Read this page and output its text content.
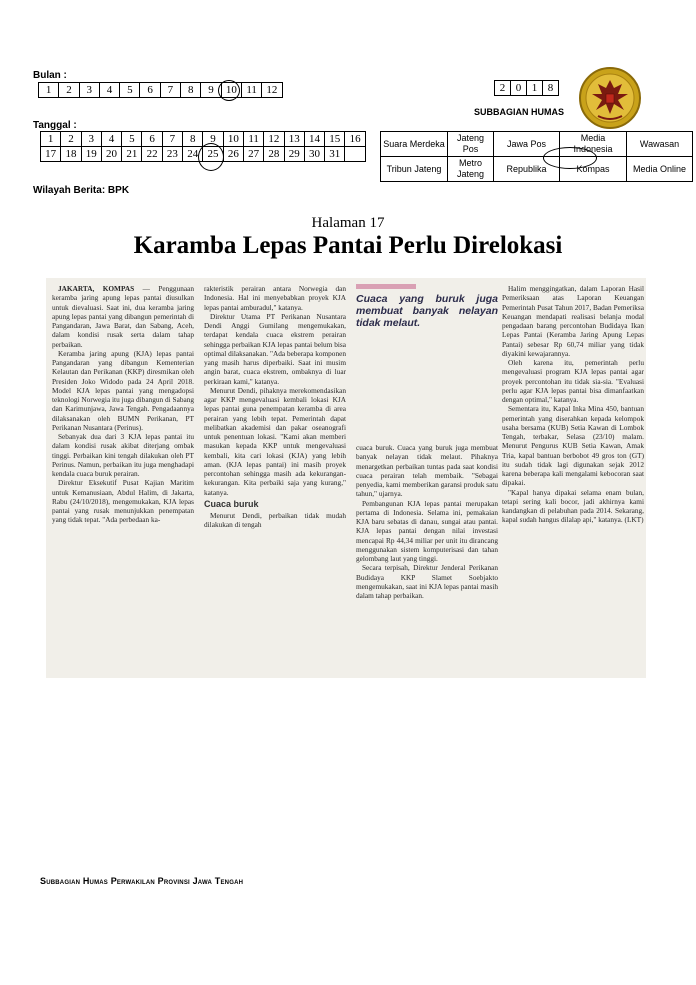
Bulan :
1	2	3	4	5	6	7	8	9	10	11	12	2	0	1	8
SUBBAGIAN HUMAS
Tanggal :
1	2	3	4	5	6	7	8	9	10	11	12	13	14	15	16
17	18	19	20	21	22	23	24	25	26	27	28	29	30	31	
Suara Merdeka	Jateng Pos	Jawa Pos	Media Indonesia	Wawasan
Tribun Jateng	Metro Jateng	Republika	Kompas	Media Online
Wilayah Berita: BPK
Halaman 17
Karamba Lepas Pantai Perlu Direlokasi

JAKARTA, KOMPAS — Penggunaan keramba jaring apung lepas pantai diusulkan untuk dievaluasi. Saat ini, dua keramba jaring apung lepas pantai yang dibangun pemerintah di Pangandaran, Jawa Barat, dan Sabang, Aceh, dalam kondisi rusak serta dalam tahap perbaikan.

Keramba jaring apung (KJA) lepas pantai Pangandaran yang dibangun Kementerian Kelautan dan Perikanan (KKP) diresmikan oleh Presiden Joko Widodo pada 24 April 2018. Model KJA lepas pantai yang mengadopsi teknologi Norwegia itu juga dibangun di Sabang dan Karimunjawa, Jawa Tengah. Pengadaannya dilaksanakan oleh BUMN Perikanan, PT Perikanan Nusantara (Perinus).

Sebanyak dua dari 3 KJA lepas pantai itu dalam kondisi rusak akibat diterjang ombak tinggi. Perbaikan kini tengah dilakukan oleh PT Perinus. Namun, perbaikan itu juga menghadapi kendala cuaca buruk perairan.

Direktur Eksekutif Pusat Kajian Maritim untuk Kemanusiaan, Abdul Halim, di Jakarta, Rabu (24/10/2018), mengemukakan, KJA lepas pantai yang rusak menunjukkan penempatan yang tidak tepat. "Ada perbedaan ka-

rakteristik perairan antara Norwegia dan Indonesia. Hal ini menyebabkan proyek KJA lepas pantai amburadul," katanya.

Direktur Utama PT Perikanan Nusantara Dendi Anggi Gumilang mengemukakan, terdapat kendala cuaca ekstrem perairan sehingga perbaikan KJA lepas pantai belum bisa optimal dilaksanakan. "Ada beberapa komponen yang masih harus diperbaiki. Saat ini musim angin barat, cuaca ekstrem, ombaknya di luar perkiraan kami," katanya.

Menurut Dendi, pihaknya merekomendasikan agar KKP mengevaluasi kembali lokasi KJA lepas pantai guna penempatan keramba di area perairan yang lebih tepat. Pemerintah dapat melibatkan akademisi dan pakar oseanografi untuk penentuan lokasi. "Kami akan memberi masukan kepada KKP untuk mengevaluasi kembali, kita cari lokasi (KJA) yang lebih aman. (KJA lepas pantai) ini masih proyek percontohan sehingga masih ada kekurangan-kekurangan. Kita perbaiki saja yang kurang," katanya.

Cuaca buruk

Menurut Dendi, perbaikan tidak mudah dilakukan di tengah

Cuaca yang buruk juga membuat banyak nelayan tidak melaut.

cuaca buruk. Cuaca yang buruk juga membuat banyak nelayan tidak melaut. Pihaknya menargetkan perbaikan tuntas pada saat kondisi cuaca perairan telah membaik. "Sebagai penyedia, kami memberikan garansi produk satu tahun," ujarnya.

Pembangunan KJA lepas pantai merupakan pertama di Indonesia. Selama ini, pemakaian KJA baru sebatas di danau, sungai atau pantai. KJA lepas pantai dengan nilai investasi mencapai Rp 44,34 miliar per unit itu dirancang menggunakan sistem komputerisasi dan tahan gelombang laut yang tinggi.

Secara terpisah, Direktur Jenderal Perikanan Budidaya KKP Slamet Soebjakto mengemukakan, saat ini KJA lepas pantai masih dalam tahap perbaikan.

Halim menggingatkan, dalam Laporan Hasil Pemeriksaan atas Laporan Keuangan Pemerintah Pusat Tahun 2017, Badan Pemeriksa Keuangan mendapati realisasi belanja modal pengadaan barang percontohan Budidaya Ikan Lepas Pantai (Keramba Jaring Apung Lepas Pantai) sebesar Rp 60,74 miliar yang tidak diyakini kewajarannya.

Oleh karena itu, pemerintah perlu mengevaluasi program KJA lepas pantai agar proyek percontohan itu tidak sia-sia. "Evaluasi perlu agar KJA lepas pantai bisa dimanfaatkan dengan optimal," katanya.

Sementara itu, Kapal Inka Mina 450, bantuan pemerintah yang diserahkan kepada kelompok usaha bersama (KUB) Setia Kawan di Lombok Tengah, terbakar, Selasa (23/10) malam. Menurut Pengurus KUB Setia Kawan, Amak Tria, kapal bantuan berbobot 49 gros ton (GT) itu sudah tidak lagi digunakan sejak 2012 karena beberapa kali mengalami kebocoran saat dipakai.

"Kapal hanya dipakai selama enam bulan, tetapi sering kali bocor, jadi akhirnya kami kandangkan di pelabuhan pada 2014. Sekarang, kapal sudah hangus dilalap api," katanya. (LKT)

Subbagian Humas Perwakilan Provinsi Jawa Tengah
